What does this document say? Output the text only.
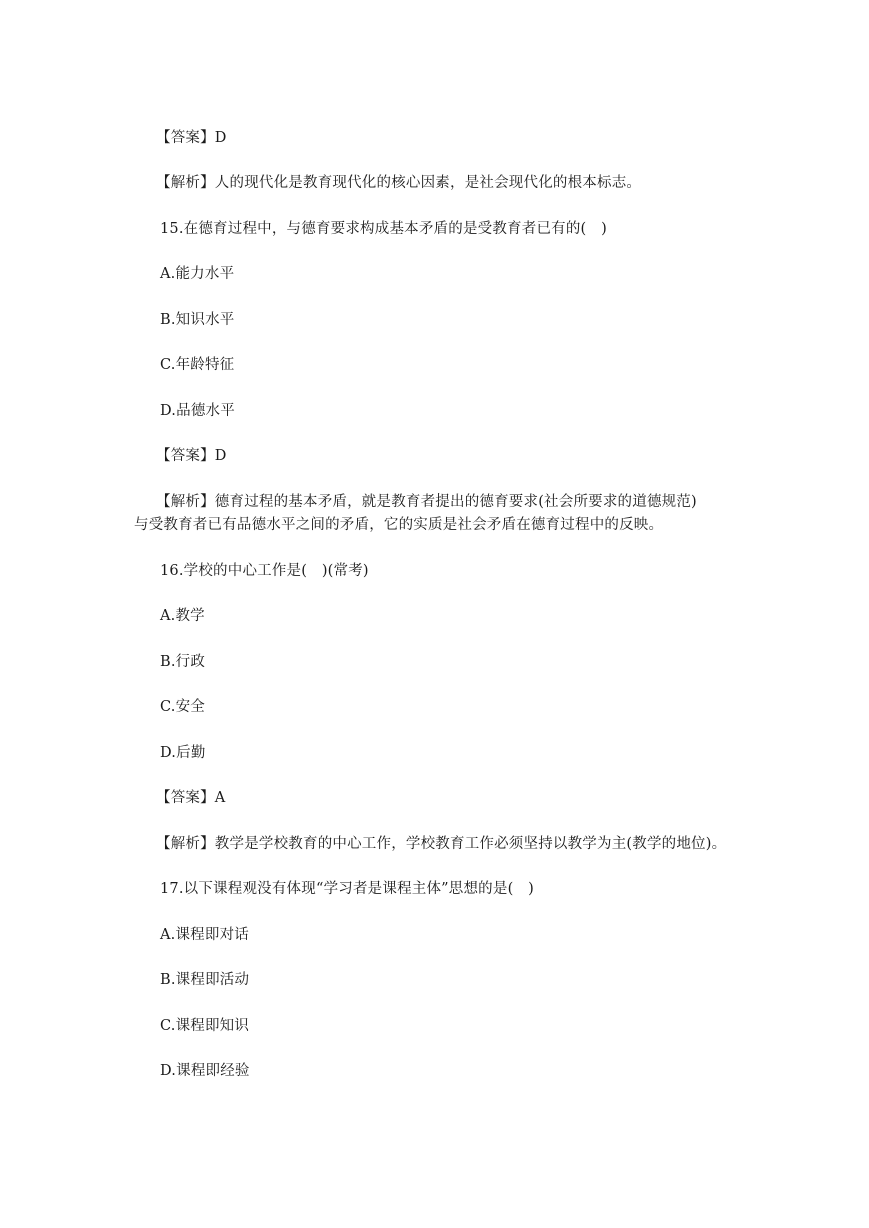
【答案】D
【解析】人的现代化是教育现代化的核心因素，是社会现代化的根本标志。
15.在德育过程中，与德育要求构成基本矛盾的是受教育者已有的(　)
A.能力水平
B.知识水平
C.年龄特征
D.品德水平
【答案】D
【解析】德育过程的基本矛盾，就是教育者提出的德育要求(社会所要求的道德规范)
与受教育者已有品德水平之间的矛盾，它的实质是社会矛盾在德育过程中的反映。
16.学校的中心工作是(　)(常考)
A.教学
B.行政
C.安全
D.后勤
【答案】A
【解析】教学是学校教育的中心工作，学校教育工作必须坚持以教学为主(教学的地位)。
17.以下课程观没有体现“学习者是课程主体”思想的是(　)
A.课程即对话
B.课程即活动
C.课程即知识
D.课程即经验
